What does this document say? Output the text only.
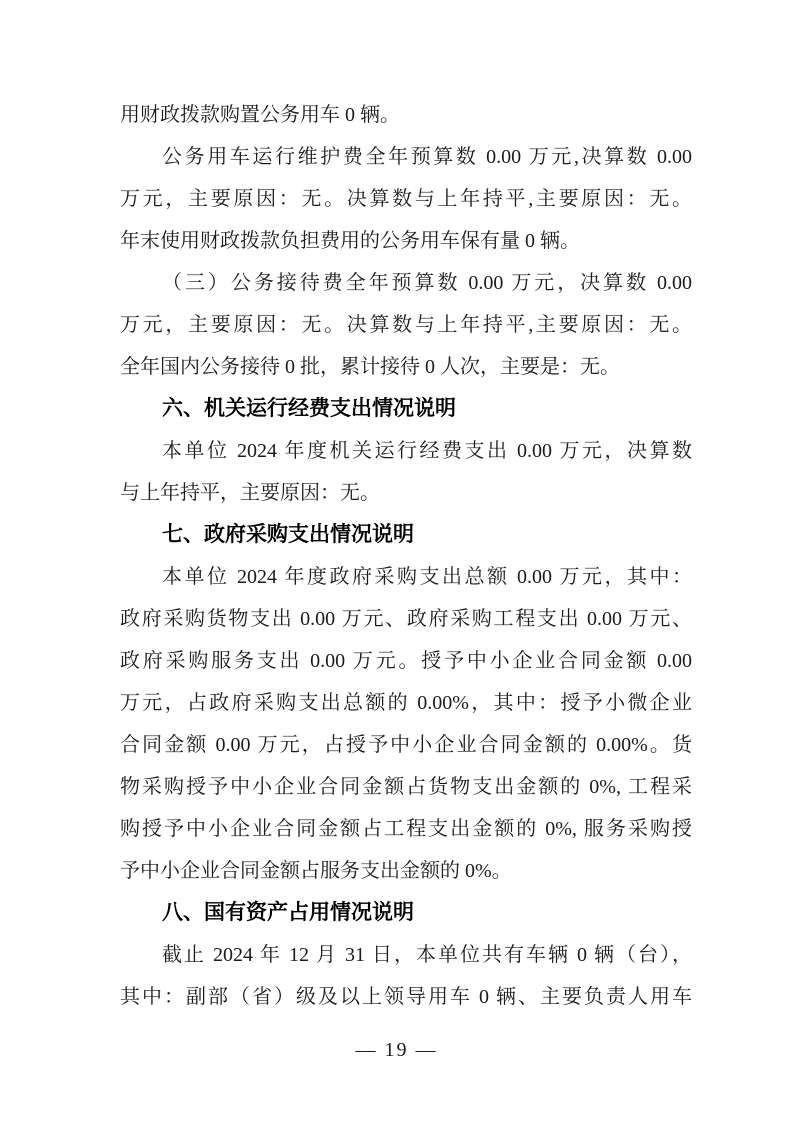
用财政拨款购置公务用车 0 辆。
公务用车运行维护费全年预算数 0.00 万元,决算数 0.00
万元，主要原因：无。决算数与上年持平,主要原因：无。
年末使用财政拨款负担费用的公务用车保有量 0 辆。
（三）公务接待费全年预算数 0.00 万元，决算数 0.00
万元，主要原因：无。决算数与上年持平,主要原因：无。
全年国内公务接待 0 批，累计接待 0 人次，主要是：无。
六、机关运行经费支出情况说明
本单位 2024 年度机关运行经费支出 0.00 万元，决算数
与上年持平，主要原因：无。
七、政府采购支出情况说明
本单位 2024 年度政府采购支出总额 0.00 万元，其中：
政府采购货物支出 0.00 万元、政府采购工程支出 0.00 万元、
政府采购服务支出 0.00 万元。授予中小企业合同金额 0.00
万元，占政府采购支出总额的 0.00%，其中：授予小微企业
合同金额 0.00 万元，占授予中小企业合同金额的 0.00%。货
物采购授予中小企业合同金额占货物支出金额的 0%, 工程采
购授予中小企业合同金额占工程支出金额的 0%, 服务采购授
予中小企业合同金额占服务支出金额的 0%。
八、国有资产占用情况说明
截止 2024 年 12 月 31 日，本单位共有车辆 0 辆（台），
其中：副部（省）级及以上领导用车 0 辆、主要负责人用车
— 19 —
